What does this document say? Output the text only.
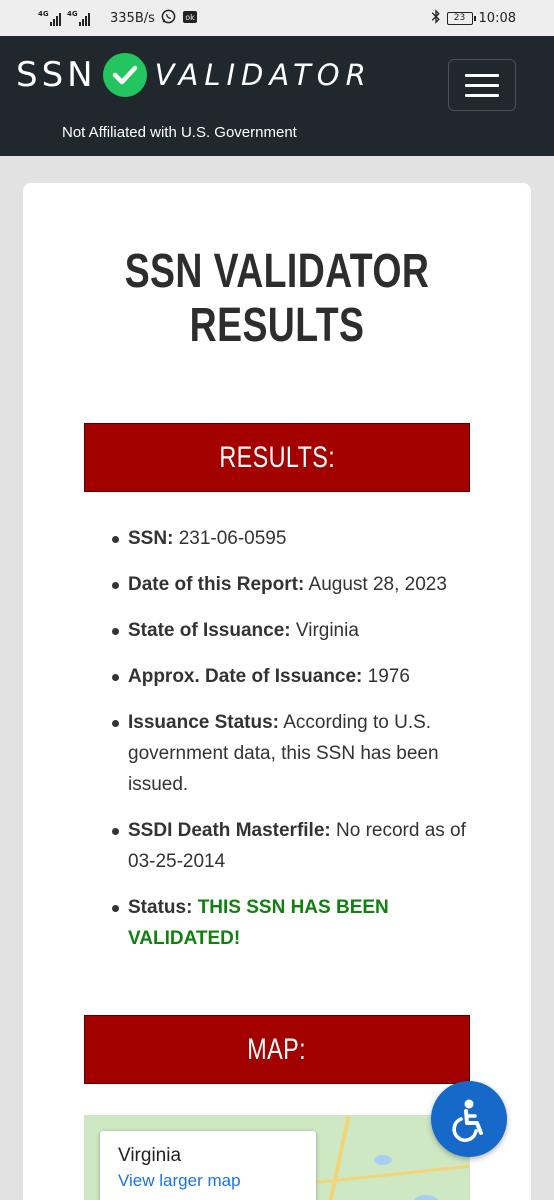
4G	4G 335B/s	ok	23	10:08
SSN VALIDATOR
Not Affiliated with U.S. Government
SSN VALIDATOR
RESULTS
RESULTS:
SSN: 231-06-0595
Date of this Report: August 28, 2023
State of Issuance: Virginia
Approx. Date of Issuance: 1976
Issuance Status: According to U.S. government data, this SSN has been issued.
SSDI Death Masterfile: No record as of 03-25-2014
Status: THIS SSN HAS BEEN VALIDATED!
MAP:
Virginia
View larger map
